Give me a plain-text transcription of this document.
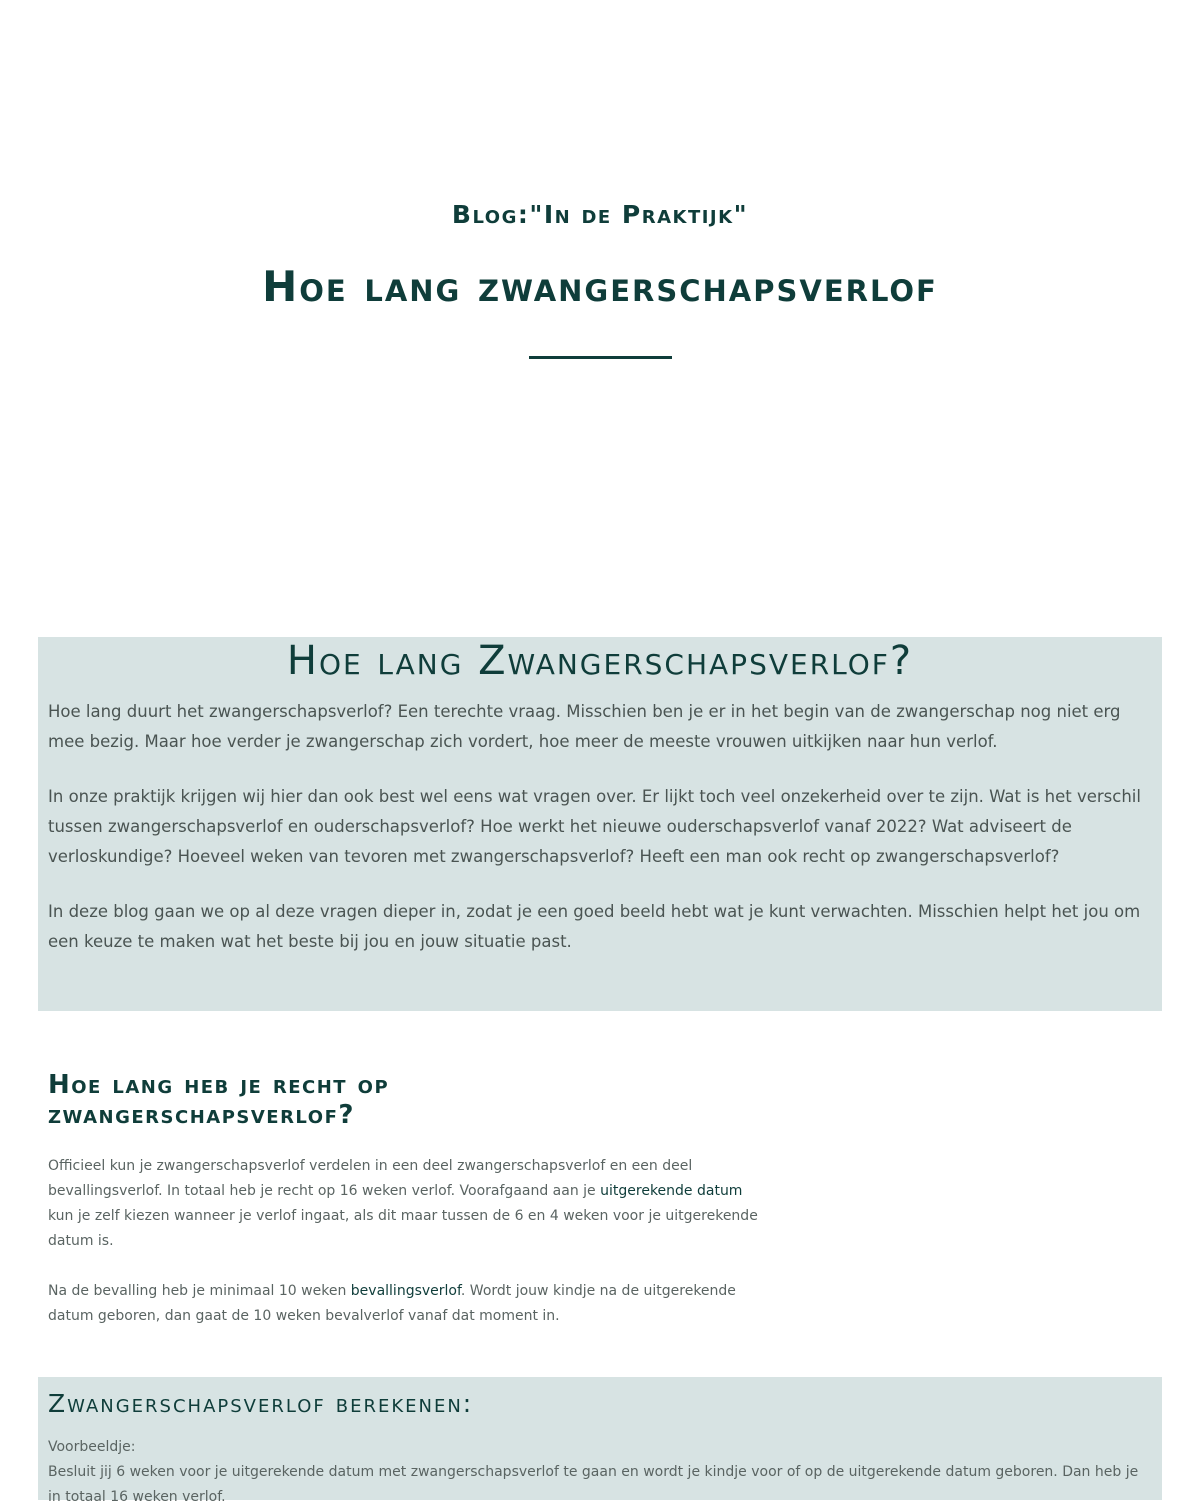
Blog:"In de Praktijk"
Hoe lang zwangerschapsverlof
Hoe lang Zwangerschapsverlof?

Hoe lang duurt het zwangerschapsverlof? Een terechte vraag. Misschien ben je er in het begin van de zwangerschap nog niet erg mee bezig. Maar hoe verder je zwangerschap zich vordert, hoe meer de meeste vrouwen uitkijken naar hun verlof.

In onze praktijk krijgen wij hier dan ook best wel eens wat vragen over. Er lijkt toch veel onzekerheid over te zijn. Wat is het verschil tussen zwangerschapsverlof en ouderschapsverlof? Hoe werkt het nieuwe ouderschapsverlof vanaf 2022? Wat adviseert de verloskundige? Hoeveel weken van tevoren met zwangerschapsverlof? Heeft een man ook recht op zwangerschapsverlof?

In deze blog gaan we op al deze vragen dieper in, zodat je een goed beeld hebt wat je kunt verwachten. Misschien helpt het jou om een keuze te maken wat het beste bij jou en jouw situatie past.

Hoe lang heb je recht op zwangerschapsverlof?

Officieel kun je zwangerschapsverlof verdelen in een deel zwangerschapsverlof en een deel bevallingsverlof. In totaal heb je recht op 16 weken verlof. Voorafgaand aan je uitgerekende datum kun je zelf kiezen wanneer je verlof ingaat, als dit maar tussen de 6 en 4 weken voor je uitgerekende datum is.

Na de bevalling heb je minimaal 10 weken bevallingsverlof. Wordt jouw kindje na de uitgerekende datum geboren, dan gaat de 10 weken bevalverlof vanaf dat moment in.

Zwangerschapsverlof berekenen:

Voorbeeldje:

Besluit jij 6 weken voor je uitgerekende datum met zwangerschapsverlof te gaan en wordt je kindje voor of op de uitgerekende datum geboren. Dan heb je in totaal 16 weken verlof.
